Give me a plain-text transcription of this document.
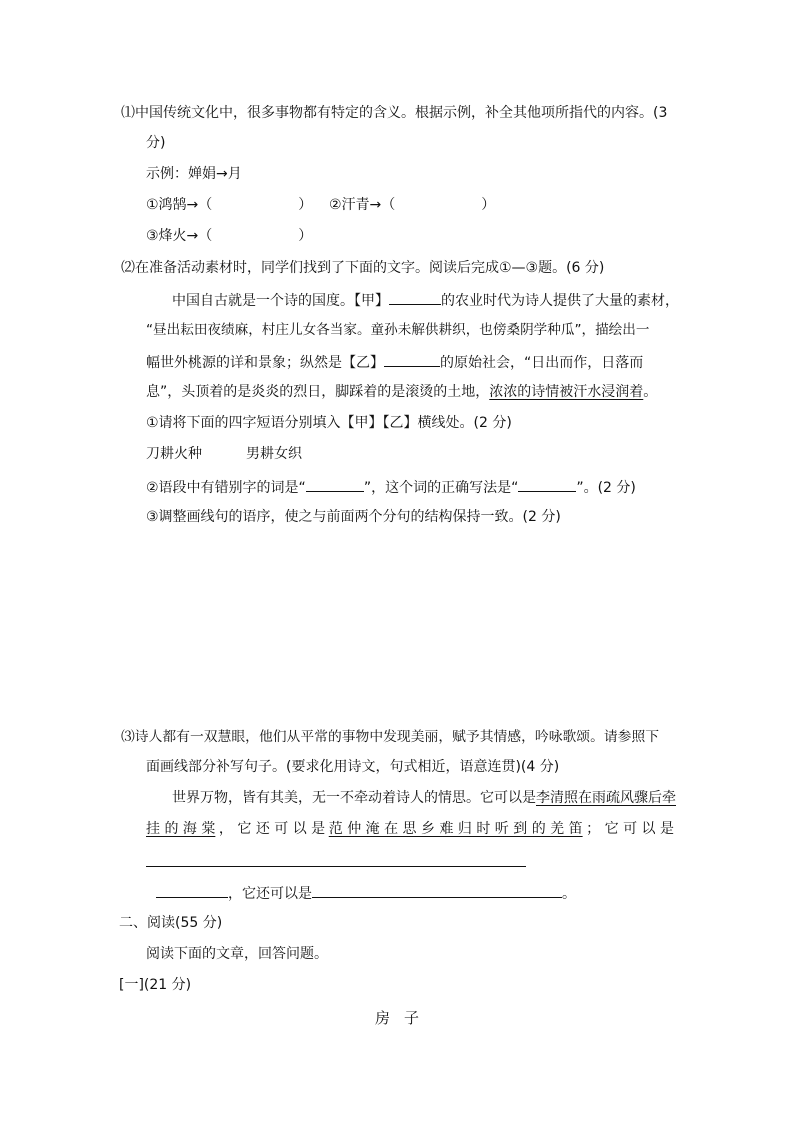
⑴中国传统文化中，很多事物都有特定的含义。根据示例，补全其他项所指代的内容。(3
分)
示例：婵娟→月
①鸿鹄→（	） ②汗青→（	）
③烽火→（	）
⑵在准备活动素材时，同学们找到了下面的文字。阅读后完成①—③题。(6 分)
中国自古就是一个诗的国度。【甲】	的农业时代为诗人提供了大量的素材，
“昼出耘田夜绩麻，村庄儿女各当家。童孙未解供耕织，也傍桑阴学种瓜”，描绘出一
幅世外桃源的详和景象；纵然是【乙】	的原始社会，“日出而作，日落而
息”，头顶着的是炎炎的烈日，脚踩着的是滚烫的土地，浓浓的诗情被汗水浸润着。
①请将下面的四字短语分别填入【甲】【乙】横线处。(2 分)
刀耕火种	男耕女织
②语段中有错别字的词是“	”，这个词的正确写法是“	”。(2 分)
③调整画线句的语序，使之与前面两个分句的结构保持一致。(2 分)
⑶诗人都有一双慧眼，他们从平常的事物中发现美丽，赋予其情感，吟咏歌颂。请参照下
面画线部分补写句子。(要求化用诗文，句式相近，语意连贯)(4 分)
世界万物，皆有其美，无一不牵动着诗人的情思。它可以是李清照在雨疏风骤后牵
挂 的 海 棠 ， 它 还 可 以 是 范 仲 淹 在 思 乡 难 归 时 听 到 的 羌 笛 ； 它 可 以 是
，它还可以是	。
二、阅读(55 分)
阅读下面的文章，回答问题。
[一](21 分)
房子
